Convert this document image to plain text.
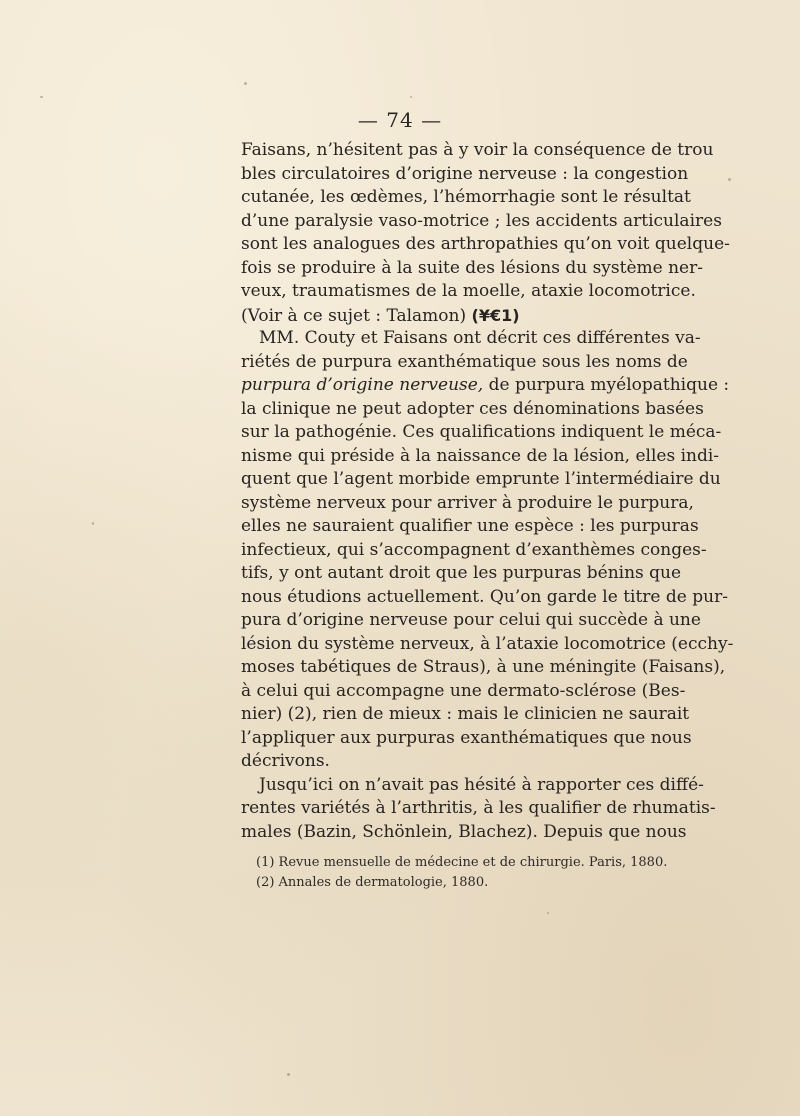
— 74 —
Faisans, n’hésitent pas à y voir la conséquence de trou
bles circulatoires d’origine nerveuse : la congestion
cutanée, les œdèmes, l’hémorrhagie sont le résultat
d’une paralysie vaso-motrice ; les accidents articulaires
sont les analogues des arthropathies qu’on voit quelque-
fois se produire à la suite des lésions du système ner-
veux, traumatismes de la moelle, ataxie locomotrice.
(Voir à ce sujet : Talamon) (¥€1)
MM. Couty et Faisans ont décrit ces différentes va-
riétés de purpura exanthématique sous les noms de
purpura d’origine nerveuse, de purpura myélopathique :
la clinique ne peut adopter ces dénominations basées
sur la pathogénie. Ces qualifications indiquent le méca-
nisme qui préside à la naissance de la lésion, elles indi-
quent que l’agent morbide emprunte l’intermédiaire du
système nerveux pour arriver à produire le purpura,
elles ne sauraient qualifier une espèce : les purpuras
infectieux, qui s’accompagnent d’exanthèmes conges-
tifs, y ont autant droit que les purpuras bénins que
nous étudions actuellement. Qu’on garde le titre de pur-
pura d’origine nerveuse pour celui qui succède à une
lésion du système nerveux, à l’ataxie locomotrice (ecchy-
moses tabétiques de Straus), à une méningite (Faisans),
à celui qui accompagne une dermato-sclérose (Bes-
nier) (2), rien de mieux : mais le clinicien ne saurait
l’appliquer aux purpuras exanthématiques que nous
décrivons.
Jusqu’ici on n’avait pas hésité à rapporter ces diffé-
rentes variétés à l’arthritis, à les qualifier de rhumatis-
males (Bazin, Schönlein, Blachez). Depuis que nous
(1) Revue mensuelle de médecine et de chirurgie. Paris, 1880.
(2) Annales de dermatologie, 1880.
